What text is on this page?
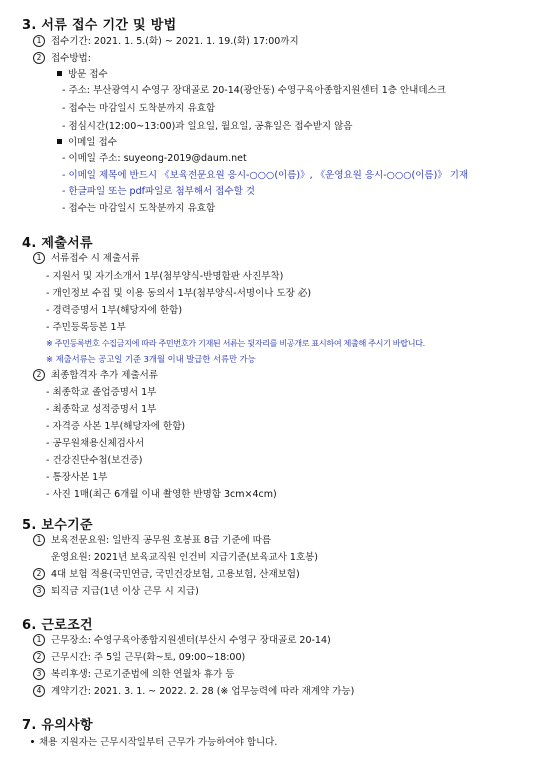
3. 서류 접수 기간 및 방법
1 접수기간: 2021. 1. 5.(화) ~ 2021. 1. 19.(화) 17:00까지
2 접수방법:
방문 접수
- 주소: 부산광역시 수영구 장대골로 20-14(광안동) 수영구육아종합지원센터 1층 안내데스크
- 접수는 마감일시 도착분까지 유효함
- 점심시간(12:00~13:00)과 일요일, 월요일, 공휴일은 접수받지 않음
이메일 접수
- 이메일 주소: suyeong-2019@daum.net
- 이메일 제목에 반드시 《보육전문요원 응시-○○○(이름)》, 《운영요원 응시-○○○(이름)》 기재
- 한글파일 또는 pdf파일로 첨부해서 접수할 것
- 접수는 마감일시 도착분까지 유효함
4. 제출서류
1 서류접수 시 제출서류
- 지원서 및 자기소개서 1부(첨부양식-반명함판 사진부착)
- 개인정보 수집 및 이용 동의서 1부(첨부양식-서명이나 도장 必)
- 경력증명서 1부(해당자에 한함)
- 주민등록등본 1부
※ 주민등록번호 수집금지에 따라 주민번호가 기재된 서류는 뒷자리를 비공개로 표시하여 제출해 주시기 바랍니다.
※ 제출서류는 공고일 기준 3개월 이내 발급한 서류만 가능
2 최종합격자 추가 제출서류
- 최종학교 졸업증명서 1부
- 최종학교 성적증명서 1부
- 자격증 사본 1부(해당자에 한함)
- 공무원채용신체검사서
- 건강진단수첩(보건증)
- 통장사본 1부
- 사진 1매(최근 6개월 이내 촬영한 반명함 3cm×4cm)
5. 보수기준
1 보육전문요원: 일반직 공무원 호봉표 8급 기준에 따름
운영요원: 2021년 보육교직원 인건비 지급기준(보육교사 1호봉)
2 4대 보험 적용(국민연금, 국민건강보험, 고용보험, 산재보험)
3 퇴직금 지급(1년 이상 근무 시 지급)
6. 근로조건
1 근무장소: 수영구육아종합지원센터(부산시 수영구 장대골로 20-14)
2 근무시간: 주 5일 근무(화~토, 09:00~18:00)
3 복리후생: 근로기준법에 의한 연월차 휴가 등
4 계약기간: 2021. 3. 1. ~ 2022. 2. 28 (※ 업무능력에 따라 재계약 가능)
7. 유의사항
채용 지원자는 근무시작일부터 근무가 가능하여야 합니다.
